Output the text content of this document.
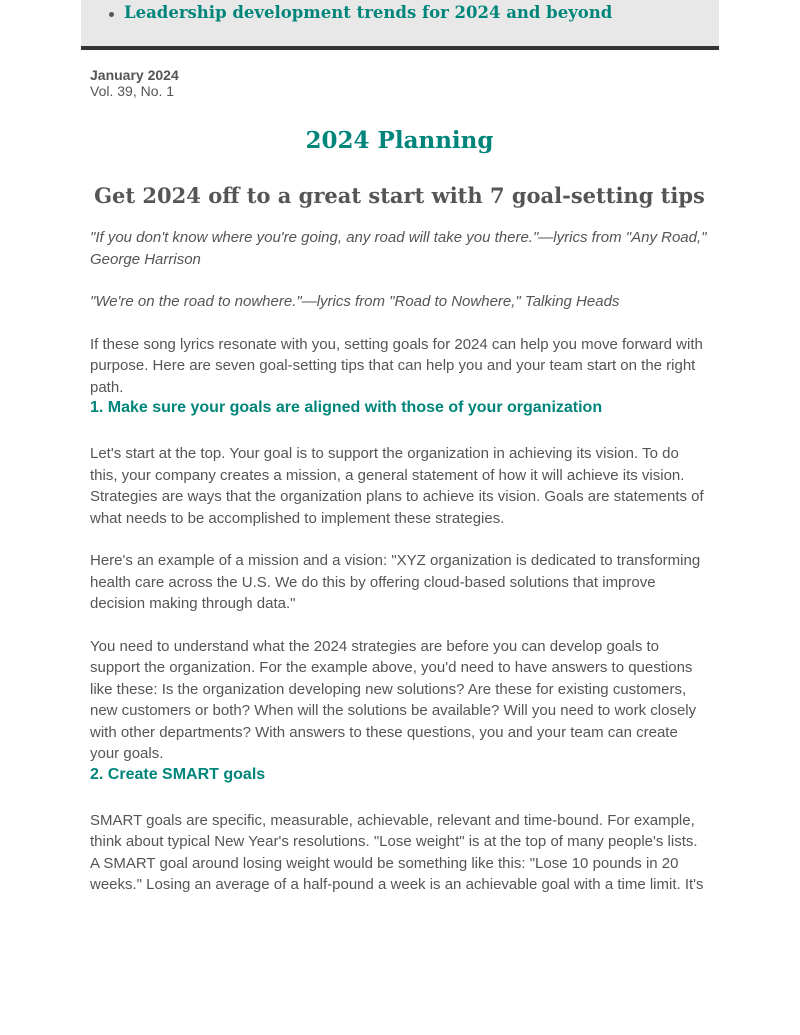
Leadership development trends for 2024 and beyond
January 2024
Vol. 39, No. 1
2024 Planning
Get 2024 off to a great start with 7 goal-setting tips

"If you don't know where you're going, any road will take you there."—lyrics from "Any Road," George Harrison

"We're on the road to nowhere."—lyrics from "Road to Nowhere," Talking Heads

If these song lyrics resonate with you, setting goals for 2024 can help you move forward with purpose. Here are seven goal-setting tips that can help you and your team start on the right path.

1. Make sure your goals are aligned with those of your organization

Let's start at the top. Your goal is to support the organization in achieving its vision. To do this, your company creates a mission, a general statement of how it will achieve its vision. Strategies are ways that the organization plans to achieve its vision. Goals are statements of what needs to be accomplished to implement these strategies.

Here's an example of a mission and a vision: "XYZ organization is dedicated to transforming health care across the U.S. We do this by offering cloud-based solutions that improve decision making through data."

You need to understand what the 2024 strategies are before you can develop goals to support the organization. For the example above, you'd need to have answers to questions like these: Is the organization developing new solutions? Are these for existing customers, new customers or both? When will the solutions be available? Will you need to work closely with other departments? With answers to these questions, you and your team can create your goals.

2. Create SMART goals

SMART goals are specific, measurable, achievable, relevant and time-bound. For example, think about typical New Year's resolutions. "Lose weight" is at the top of many people's lists. A SMART goal around losing weight would be something like this: "Lose 10 pounds in 20 weeks." Losing an average of a half-pound a week is an achievable goal with a time limit. It's
